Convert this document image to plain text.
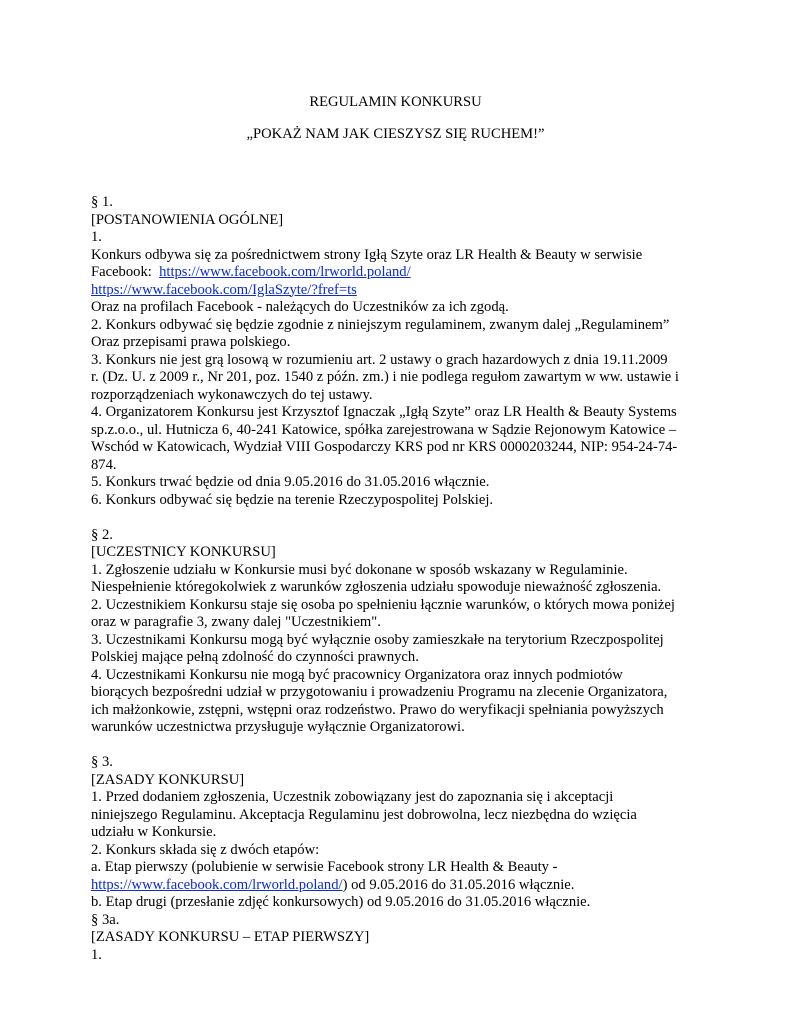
REGULAMIN KONKURSU
„POKAŻ NAM JAK CIESZYSZ SIĘ RUCHEM!”
§ 1.
[POSTANOWIENIA OGÓLNE]
1.
Konkurs odbywa się za pośrednictwem strony Igłą Szyte oraz LR Health & Beauty w serwisie
Facebook:  https://www.facebook.com/lrworld.poland/
https://www.facebook.com/IglaSzyte/?fref=ts
Oraz na profilach Facebook - należących do Uczestników za ich zgodą.
2. Konkurs odbywać się będzie zgodnie z niniejszym regulaminem, zwanym dalej „Regulaminem”
Oraz przepisami prawa polskiego.
3. Konkurs nie jest grą losową w rozumieniu art. 2 ustawy o grach hazardowych z dnia 19.11.2009
r. (Dz. U. z 2009 r., Nr 201, poz. 1540 z późn. zm.) i nie podlega regułom zawartym w ww. ustawie i
rozporządzeniach wykonawczych do tej ustawy.
4. Organizatorem Konkursu jest Krzysztof Ignaczak „Igłą Szyte” oraz LR Health & Beauty Systems
sp.z.o.o., ul. Hutnicza 6, 40-241 Katowice, spółka zarejestrowana w Sądzie Rejonowym Katowice –
Wschód w Katowicach, Wydział VIII Gospodarczy KRS pod nr KRS 0000203244, NIP: 954-24-74-
874.
5. Konkurs trwać będzie od dnia 9.05.2016 do 31.05.2016 włącznie.
6. Konkurs odbywać się będzie na terenie Rzeczypospolitej Polskiej.
§ 2.
[UCZESTNICY KONKURSU]
1. Zgłoszenie udziału w Konkursie musi być dokonane w sposób wskazany w Regulaminie.
Niespełnienie któregokolwiek z warunków zgłoszenia udziału spowoduje nieważność zgłoszenia.
2. Uczestnikiem Konkursu staje się osoba po spełnieniu łącznie warunków, o których mowa poniżej
oraz w paragrafie 3, zwany dalej "Uczestnikiem".
3. Uczestnikami Konkursu mogą być wyłącznie osoby zamieszkałe na terytorium Rzeczpospolitej
Polskiej mające pełną zdolność do czynności prawnych.
4. Uczestnikami Konkursu nie mogą być pracownicy Organizatora oraz innych podmiotów
biorących bezpośredni udział w przygotowaniu i prowadzeniu Programu na zlecenie Organizatora,
ich małżonkowie, zstępni, wstępni oraz rodzeństwo. Prawo do weryfikacji spełniania powyższych
warunków uczestnictwa przysługuje wyłącznie Organizatorowi.
§ 3.
[ZASADY KONKURSU]
1. Przed dodaniem zgłoszenia, Uczestnik zobowiązany jest do zapoznania się i akceptacji
niniejszego Regulaminu. Akceptacja Regulaminu jest dobrowolna, lecz niezbędna do wzięcia
udziału w Konkursie.
2. Konkurs składa się z dwóch etapów:
a. Etap pierwszy (polubienie w serwisie Facebook strony LR Health & Beauty -
https://www.facebook.com/lrworld.poland/) od 9.05.2016 do 31.05.2016 włącznie.
b. Etap drugi (przesłanie zdjęć konkursowych) od 9.05.2016 do 31.05.2016 włącznie.
§ 3a.
[ZASADY KONKURSU – ETAP PIERWSZY]
1.
